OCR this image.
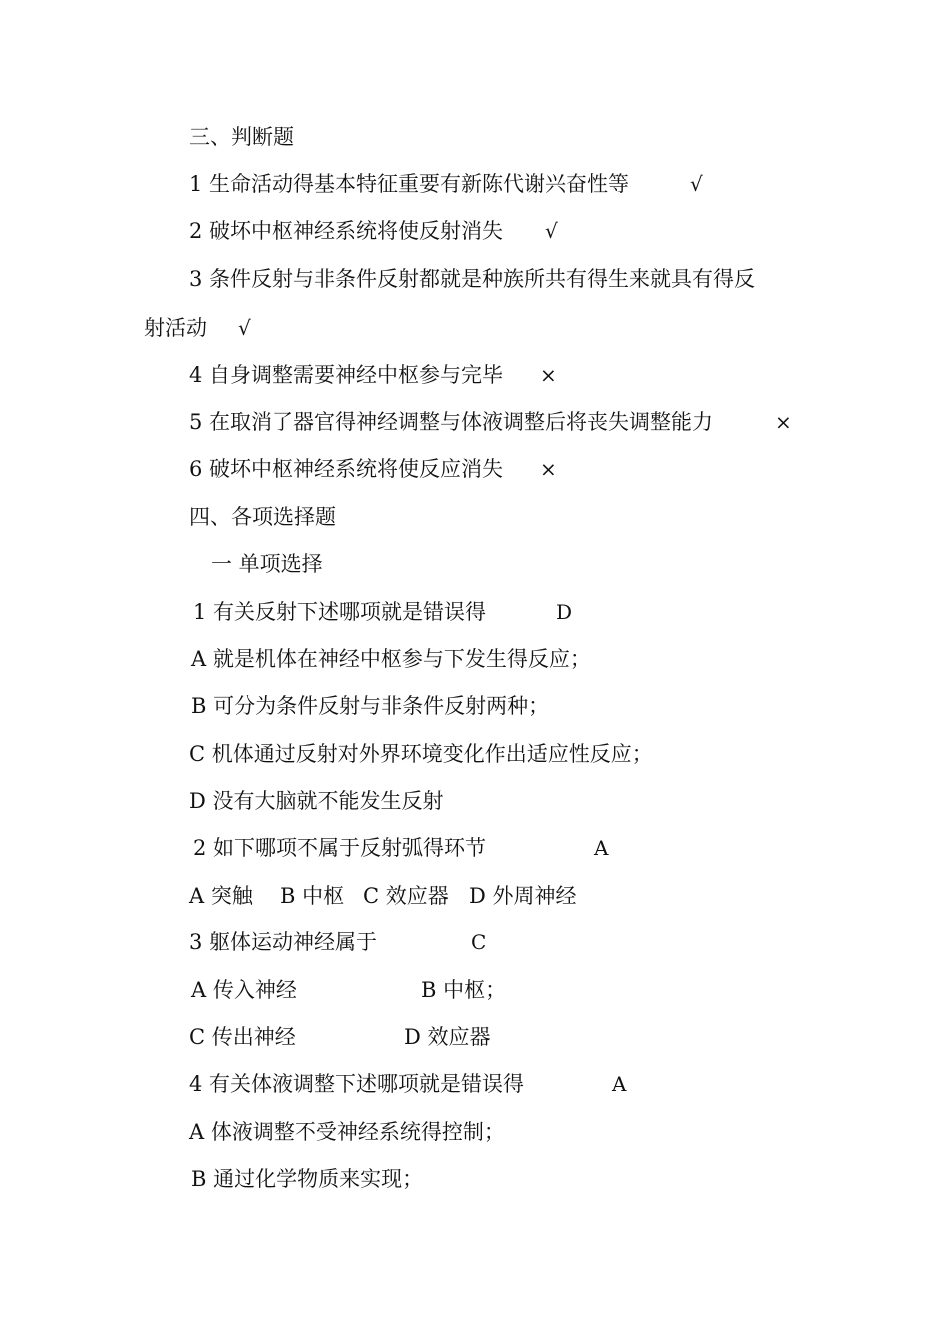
三、判断题
1 生命活动得基本特征重要有新陈代谢兴奋性等	√
2 破坏中枢神经系统将使反射消失 √
3 条件反射与非条件反射都就是种族所共有得生来就具有得反
射活动 √
4 自身调整需要神经中枢参与完毕 ×
5 在取消了器官得神经调整与体液调整后将丧失调整能力	×
6 破坏中枢神经系统将使反应消失 ×
四、各项选择题
一 单项选择
1 有关反射下述哪项就是错误得	D
A 就是机体在神经中枢参与下发生得反应；
B 可分为条件反射与非条件反射两种；
C 机体通过反射对外界环境变化作出适应性反应；
D 没有大脑就不能发生反射
2 如下哪项不属于反射弧得环节	A
A 突触 B 中枢 C 效应器 D 外周神经
3 躯体运动神经属于	C
A 传入神经	B 中枢；
C 传出神经	D 效应器
4 有关体液调整下述哪项就是错误得	A
A 体液调整不受神经系统得控制；
B 通过化学物质来实现；
